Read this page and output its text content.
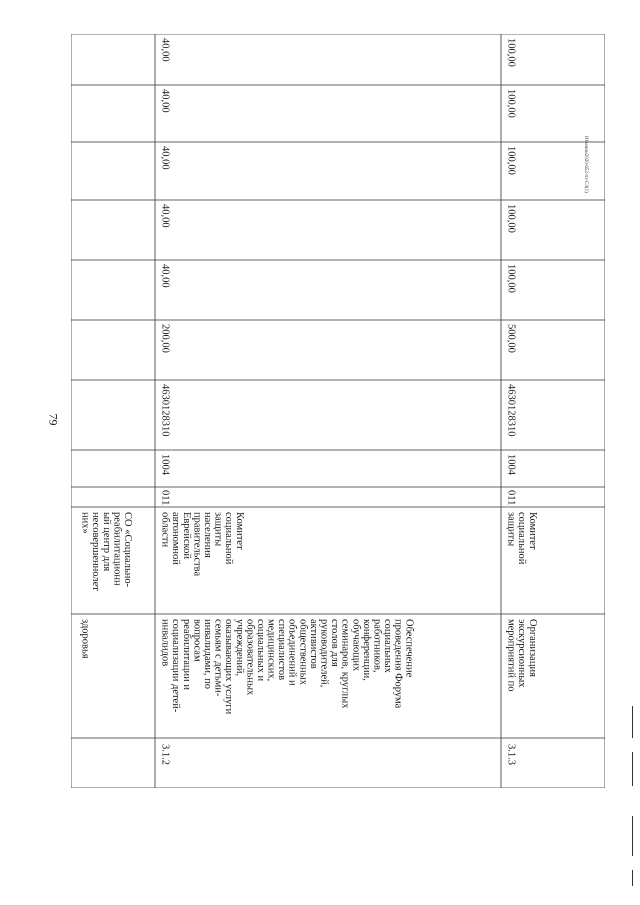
79
Ювенни2020-652-пт-СЗ(1)
здоровья
СО «Социально-
реабилитационн
ый центр для
несовершеннолет
них»
3.1.2
Обеспечение
проведения Форума
социальных
работников,
конференции,
обучающих
семинаров, круглых
столов для
руководителей,
активистов
общественных
объединений и
специалистов
медицинских,
социальных и
образовательных
учреждений,
оказывающих услуги
семьям с детьми-
инвалидами, по
вопросам
реабилитации и
социализации детей-
инвалидов
Комитет
социальной
защиты
населения
правительства
Еврейской
автономной
области
011
1004
4630128310
200,00
40,00
40,00
40,00
40,00
40,00
3.1.3
Организация
экскурсионных
мероприятий по
Комитет
социальной
защиты
011
1004
4630128310
500,00
100,00
100,00
100,00
100,00
100,00
